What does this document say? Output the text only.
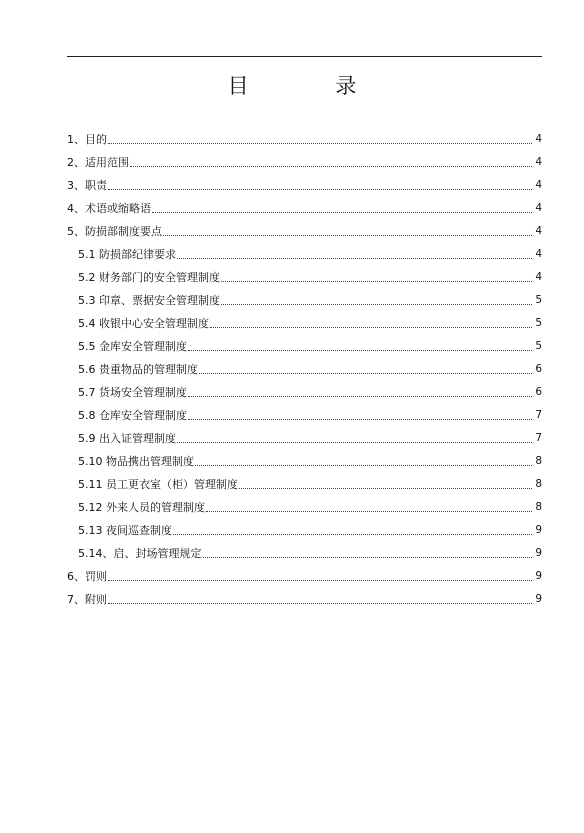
目 录
1、目的	4
2、适用范围	4
3、职责	4
4、术语或缩略语	4
5、防损部制度要点	4
5.1 防损部纪律要求	4
5.2 财务部门的安全管理制度	4
5.3 印章、票据安全管理制度	5
5.4 收银中心安全管理制度	5
5.5 金库安全管理制度	5
5.6 贵重物品的管理制度	6
5.7 货场安全管理制度	6
5.8 仓库安全管理制度	7
5.9 出入证管理制度	7
5.10 物品携出管理制度	8
5.11 员工更衣室（柜）管理制度	8
5.12 外来人员的管理制度	8
5.13 夜间巡查制度	9
5.14、启、封场管理规定	9
6、罚则	9
7、附则	9
